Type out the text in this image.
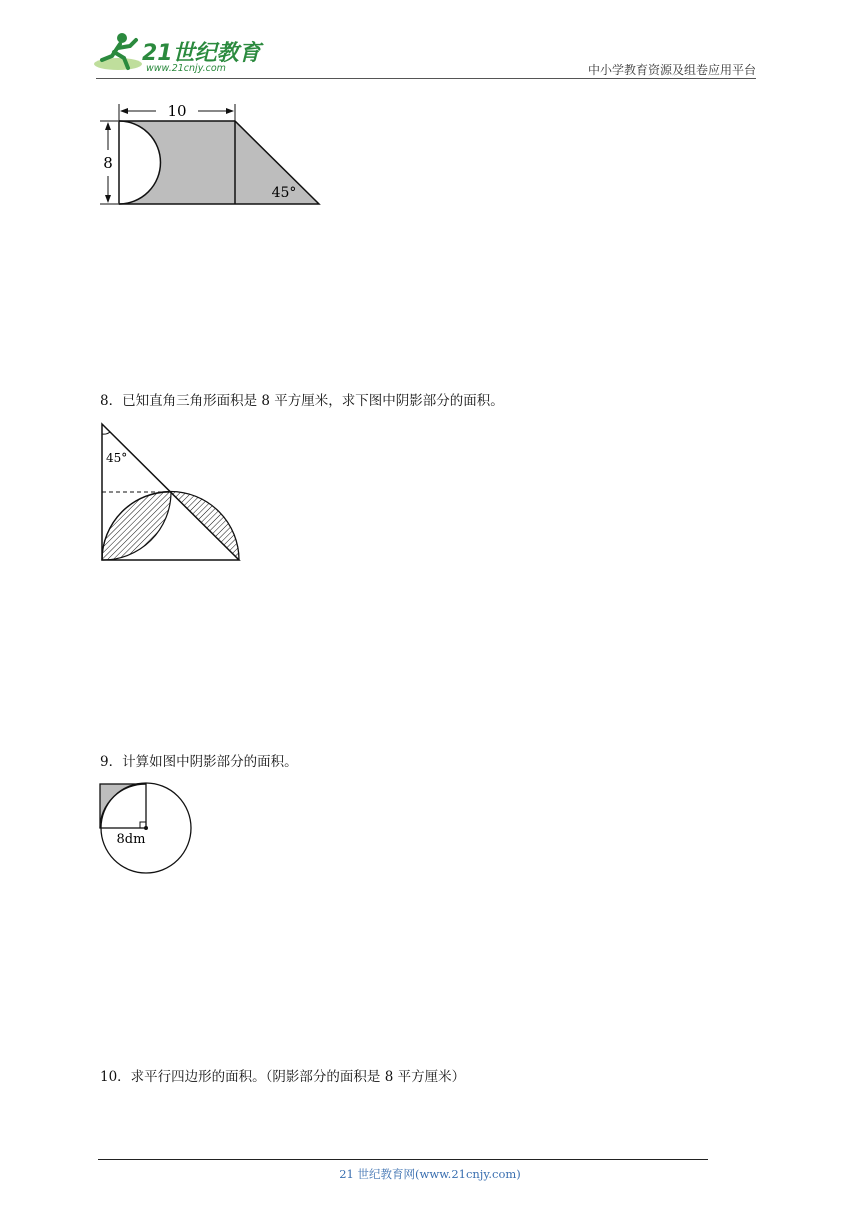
21世纪教育
www.21cnjy.com	中小学教育资源及组卷应用平台
10
8
45°
8．已知直角三角形面积是 8 平方厘米，求下图中阴影部分的面积。
45°
9．计算如图中阴影部分的面积。
8dm
10．求平行四边形的面积。（阴影部分的面积是 8 平方厘米）
21 世纪教育网(www.21cnjy.com)
